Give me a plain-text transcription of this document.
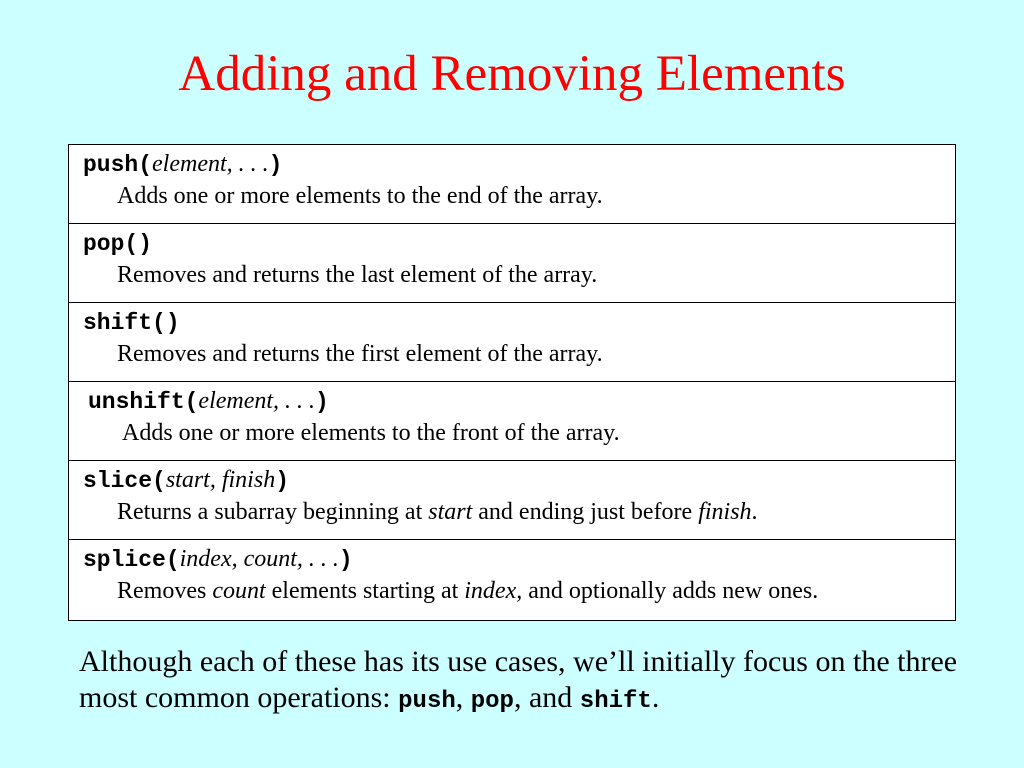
Adding and Removing Elements
push(element, . . .)
Adds one or more elements to the end of the array.
pop()
Removes and returns the last element of the array.
shift()
Removes and returns the first element of the array.
unshift(element, . . .)
Adds one or more elements to the front of the array.
slice(start, finish)
Returns a subarray beginning at start and ending just before finish.
splice(index, count, . . .)
Removes count elements starting at index, and optionally adds new ones.

Although each of these has its use cases, we’ll initially focus on the three most common operations: push, pop, and shift.
